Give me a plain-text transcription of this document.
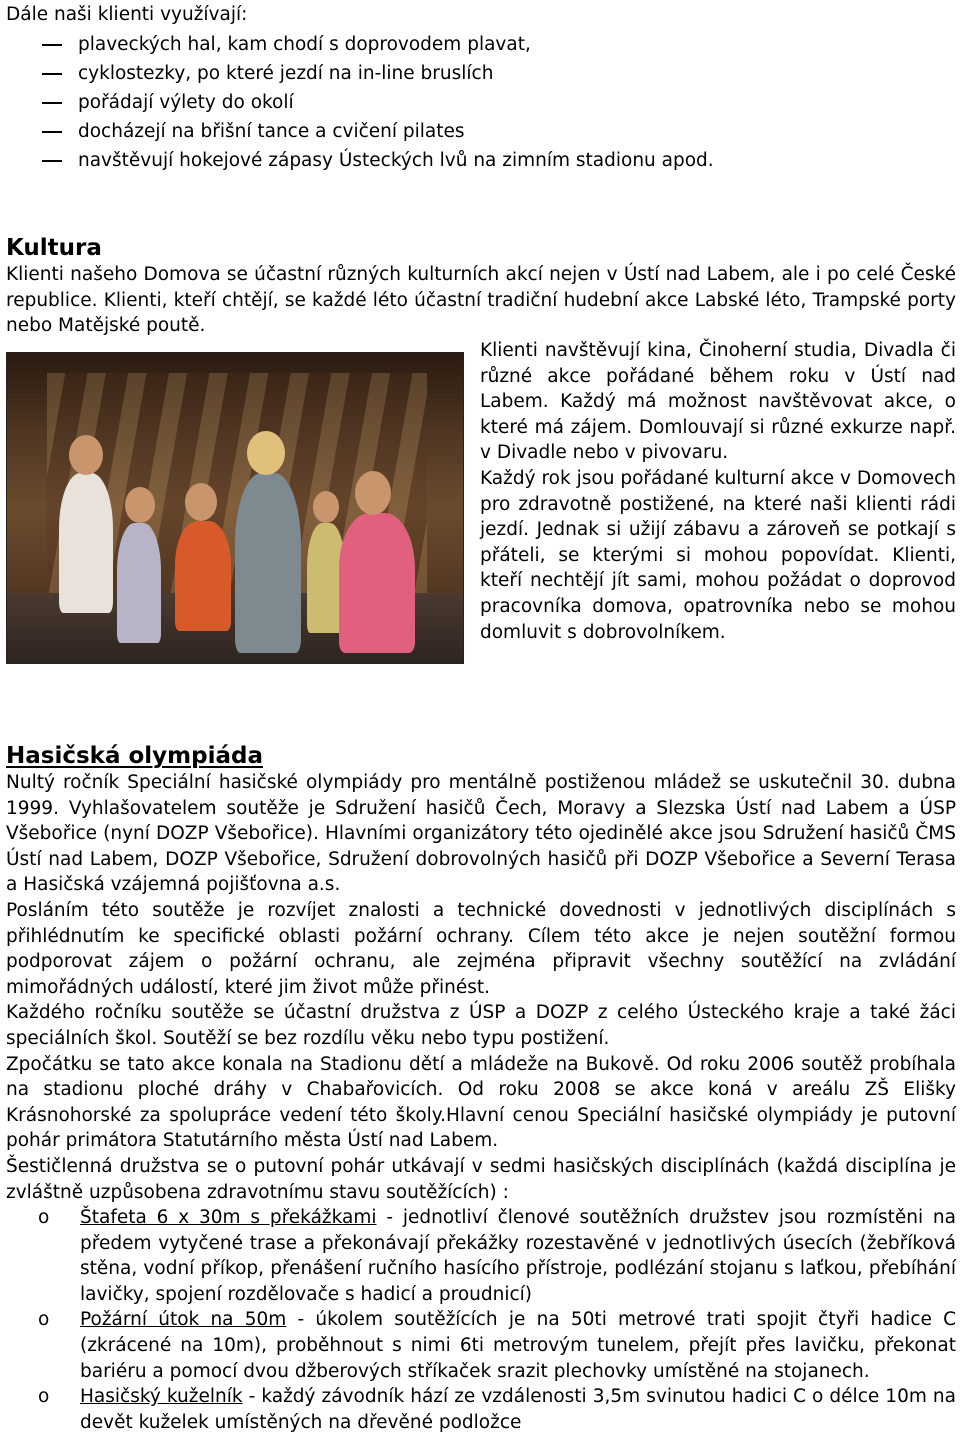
Dále naši klienti využívají:

plaveckých hal, kam chodí s doprovodem plavat,
cyklostezky, po které jezdí na in-line bruslích
pořádají výlety do okolí
docházejí na břišní tance a cvičení pilates
navštěvují hokejové zápasy Ústeckých lvů na zimním stadionu apod.
Kultura

Klienti našeho Domova se účastní různých kulturních akcí nejen v Ústí nad Labem, ale i po celé České republice. Klienti, kteří chtějí, se každé léto účastní tradiční hudební akce Labské léto, Trampské porty nebo Matějské poutě.

Klienti navštěvují kina, Činoherní studia, Divadla či různé akce pořádané během roku v Ústí nad Labem. Každý má možnost navštěvovat akce, o které má zájem. Domlouvají si různé exkurze např. v Divadle nebo v pivovaru.

Každý rok jsou pořádané kulturní akce v Domovech pro zdravotně postižené, na které naši klienti rádi jezdí. Jednak si užijí zábavu a zároveň se potkají s přáteli, se kterými si mohou popovídat. Klienti, kteří nechtějí jít sami, mohou požádat o doprovod pracovníka domova, opatrovníka nebo se mohou domluvit s dobrovolníkem.

Hasičská olympiáda

Nultý ročník Speciální hasičské olympiády pro mentálně postiženou mládež se uskutečnil 30. dubna 1999. Vyhlašovatelem soutěže je Sdružení hasičů Čech, Moravy a Slezska Ústí nad Labem a ÚSP Všebořice (nyní DOZP Všebořice). Hlavními organizátory této ojedinělé akce jsou Sdružení hasičů ČMS Ústí nad Labem, DOZP Všebořice, Sdružení dobrovolných hasičů při DOZP Všebořice a Severní Terasa a Hasičská vzájemná pojišťovna a.s.

Posláním této soutěže je rozvíjet znalosti a technické dovednosti v jednotlivých disciplínách s přihlédnutím ke specifické oblasti požární ochrany. Cílem této akce je nejen soutěžní formou podporovat zájem o požární ochranu, ale zejména připravit všechny soutěžící na zvládání mimořádných událostí, které jim život může přinést.

Každého ročníku soutěže se účastní družstva z ÚSP a DOZP z celého Ústeckého kraje a také žáci speciálních škol. Soutěží se bez rozdílu věku nebo typu postižení.

Zpočátku se tato akce konala na Stadionu dětí a mládeže na Bukově. Od roku 2006 soutěž probíhala na stadionu ploché dráhy v Chabařovicích. Od roku 2008 se akce koná v areálu ZŠ Elišky Krásnohorské za spolupráce vedení této školy.Hlavní cenou Speciální hasičské olympiády je putovní pohár primátora Statutárního města Ústí nad Labem.

Šestičlenná družstva se o putovní pohár utkávají v sedmi hasičských disciplínách (každá disciplína je zvláštně uzpůsobena zdravotnímu stavu soutěžících) :

o Štafeta 6 x 30m s překážkami - jednotliví členové soutěžních družstev jsou rozmístěni na předem vytyčené trase a překonávají překážky rozestavěné v jednotlivých úsecích (žebříková stěna, vodní příkop, přenášení ručního hasícího přístroje, podlézání stojanu s laťkou, přebíhání lavičky, spojení rozdělovače s hadicí a proudnicí)
o Požární útok na 50m - úkolem soutěžících je na 50ti metrové trati spojit čtyři hadice C (zkrácené na 10m), proběhnout s nimi 6ti metrovým tunelem, přejít přes lavičku, překonat bariéru a pomocí dvou džberových stříkaček srazit plechovky umístěné na stojanech.
o Hasičský kuželník - každý závodník hází ze vzdálenosti 3,5m svinutou hadici C o délce 10m na devět kuželek umístěných na dřevěné podložce
